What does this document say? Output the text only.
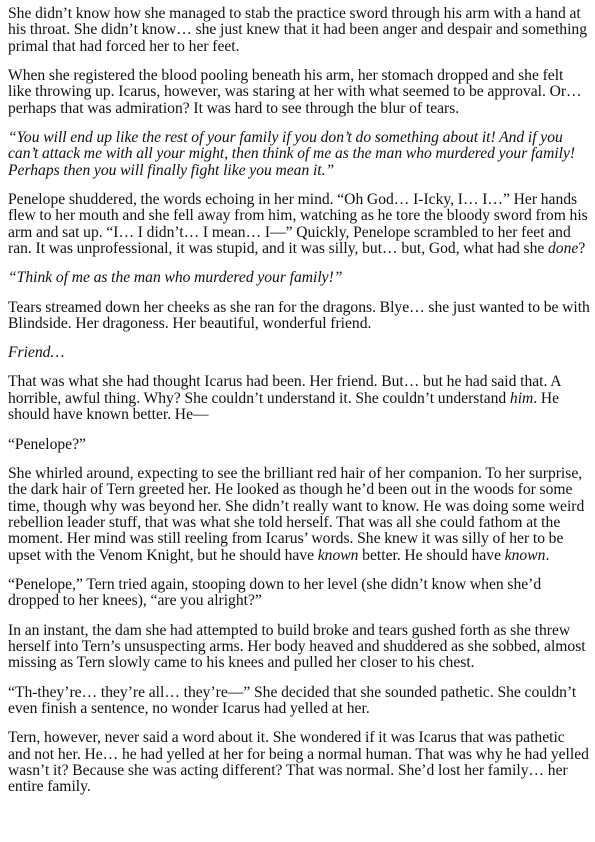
She didn’t know how she managed to stab the practice sword through his arm with a hand at his throat. She didn’t know… she just knew that it had been anger and despair and something primal that had forced her to her feet.

When she registered the blood pooling beneath his arm, her stomach dropped and she felt like throwing up. Icarus, however, was staring at her with what seemed to be approval. Or… perhaps that was admiration? It was hard to see through the blur of tears.

“You will end up like the rest of your family if you don’t do something about it! And if you can’t attack me with all your might, then think of me as the man who murdered your family! Perhaps then you will finally fight like you mean it.”

Penelope shuddered, the words echoing in her mind. “Oh God… I-Icky, I… I…” Her hands flew to her mouth and she fell away from him, watching as he tore the bloody sword from his arm and sat up. “I… I didn’t… I mean… I—” Quickly, Penelope scrambled to her feet and ran. It was unprofessional, it was stupid, and it was silly, but… but, God, what had she done?

“Think of me as the man who murdered your family!”

Tears streamed down her cheeks as she ran for the dragons. Blye… she just wanted to be with Blindside. Her dragoness. Her beautiful, wonderful friend.

Friend…

That was what she had thought Icarus had been. Her friend. But… but he had said that. A horrible, awful thing. Why? She couldn’t understand it. She couldn’t understand him. He should have known better. He—

“Penelope?”

She whirled around, expecting to see the brilliant red hair of her companion. To her surprise, the dark hair of Tern greeted her. He looked as though he’d been out in the woods for some time, though why was beyond her. She didn’t really want to know. He was doing some weird rebellion leader stuff, that was what she told herself. That was all she could fathom at the moment. Her mind was still reeling from Icarus’ words. She knew it was silly of her to be upset with the Venom Knight, but he should have known better. He should have known.

“Penelope,” Tern tried again, stooping down to her level (she didn’t know when she’d dropped to her knees), “are you alright?”

In an instant, the dam she had attempted to build broke and tears gushed forth as she threw herself into Tern’s unsuspecting arms. Her body heaved and shuddered as she sobbed, almost missing as Tern slowly came to his knees and pulled her closer to his chest.

“Th-they’re… they’re all… they’re—” She decided that she sounded pathetic. She couldn’t even finish a sentence, no wonder Icarus had yelled at her.

Tern, however, never said a word about it. She wondered if it was Icarus that was pathetic and not her. He… he had yelled at her for being a normal human. That was why he had yelled wasn’t it? Because she was acting different? That was normal. She’d lost her family… her entire family.
